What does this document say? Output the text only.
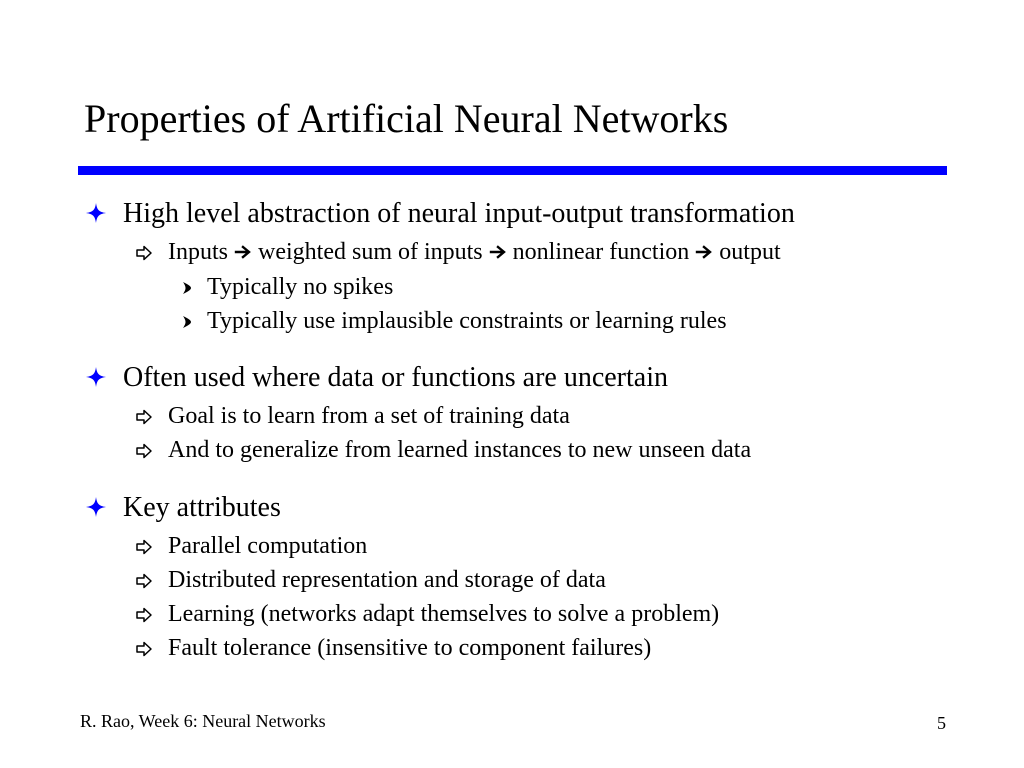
Properties of Artificial Neural Networks
High level abstraction of neural input-output transformation
Inputs weighted sum of inputs nonlinear function output
Typically no spikes
Typically use implausible constraints or learning rules
Often used where data or functions are uncertain
Goal is to learn from a set of training data
And to generalize from learned instances to new unseen data
Key attributes
Parallel computation
Distributed representation and storage of data
Learning (networks adapt themselves to solve a problem)
Fault tolerance (insensitive to component failures)
R. Rao, Week 6: Neural Networks	5
